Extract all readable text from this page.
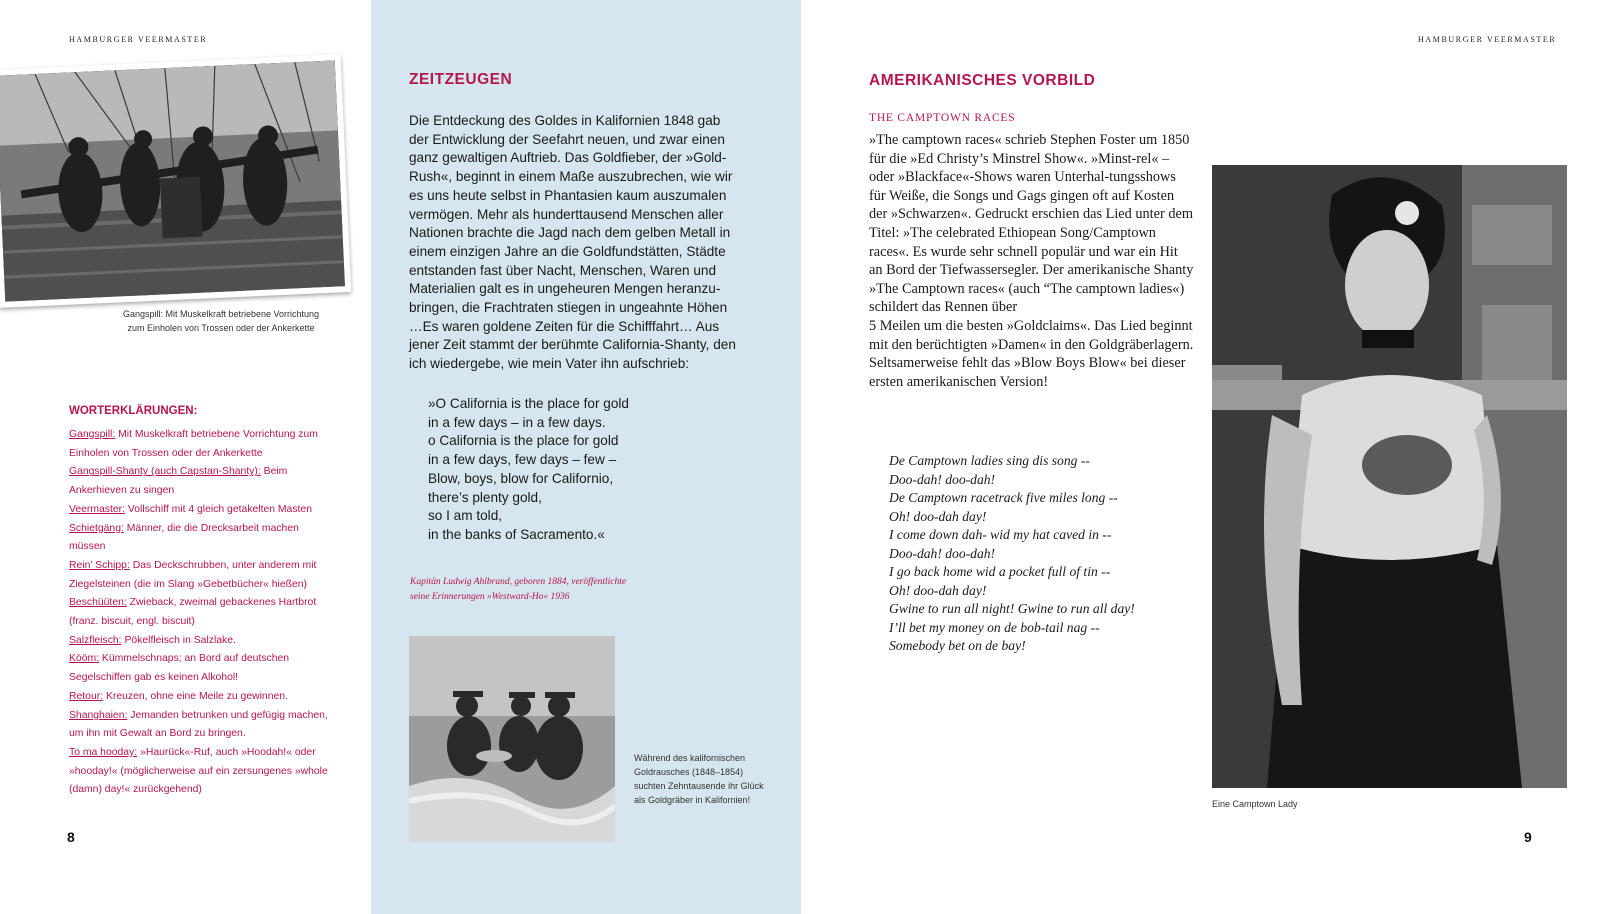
HAMBURGER VEERMASTER
Gangspill: Mit Muskelkraft betriebene Vorrichtung
zum Einholen von Trossen oder der Ankerkette
WORTERKLÄRUNGEN:

Gangspill: Mit Muskelkraft betriebene Vorrichtung zum Einholen von Trossen oder der Ankerkette

Gangspill-Shanty (auch Capstan-Shanty): Beim Ankerhieven zu singen

Veermaster: Vollschiff mit 4 gleich getakelten Masten

Schietgäng: Männer, die die Drecksarbeit machen müssen

Rein’ Schipp: Das Deckschrubben, unter anderem mit Ziegelsteinen (die im Slang »Gebetbücher« hießen)

Beschüüten: Zwieback, zweimal gebackenes Hartbrot (franz. biscuit, engl. biscuit)

Salzfleisch: Pökelfleisch in Salzlake.

Kööm: Kümmelschnaps; an Bord auf deutschen Segelschiffen gab es keinen Alkohol!

Retour: Kreuzen, ohne eine Meile zu gewinnen.

Shanghaien: Jemanden betrunken und gefügig machen, um ihn mit Gewalt an Bord zu bringen.

To ma hooday: »Haurück«-Ruf, auch »Hoodah!« oder »hooday!« (möglicherweise auf ein zersungenes »whole (damn) day!« zurückgehend)

8
ZEITZEUGEN

Die Entdeckung des Goldes in Kalifornien 1848 gab der Entwicklung der Seefahrt neuen, und zwar einen ganz gewaltigen Auftrieb. Das Goldfieber, der »Gold-Rush«, beginnt in einem Maße auszubrechen, wie wir es uns heute selbst in Phantasien kaum auszumalen vermögen. Mehr als hunderttausend Menschen aller Nationen brachte die Jagd nach dem gelben Metall in einem einzigen Jahre an die Goldfundstätten, Städte entstanden fast über Nacht, Menschen, Waren und Materialien galt es in ungeheuren Mengen heranzu-bringen, die Frachtraten stiegen in ungeahnte Höhen …Es waren goldene Zeiten für die Schifffahrt… Aus jener Zeit stammt der berühmte California-Shanty, den ich wiedergebe, wie mein Vater ihn aufschrieb:

»O California is the place for gold
in a few days – in a few days.
o California is the place for gold
in a few days, few days – few –
Blow, boys, blow for Californio,
there’s plenty gold,
so I am told,
in the banks of Sacramento.«
Kapitän Ludwig Ahlbrand, geboren 1884, veröffentlichte
seine Erinnerungen »Westward-Ho« 1936
Während des kalifornischen
Goldrausches (1848–1854)
suchten Zehntausende ihr Glück
als Goldgräber in Kalifornien!
HAMBURGER VEERMASTER
AMERIKANISCHES VORBILD
THE CAMPTOWN RACES

»The camptown races« schrieb Stephen Foster um 1850 für die »Ed Christy’s Minstrel Show«. »Minst-rel« – oder »Blackface«-Shows waren Unterhal-tungsshows für Weiße, die Songs und Gags gingen oft auf Kosten der »Schwarzen«. Gedruckt erschien das Lied unter dem Titel: »The celebrated Ethiopean Song/Camptown races«. Es wurde sehr schnell populär und war ein Hit an Bord der Tiefwassersegler. Der amerikanische Shanty »The Camptown races« (auch “The camptown ladies«) schildert das Rennen über

5 Meilen um die besten »Goldclaims«. Das Lied beginnt mit den berüchtigten »Damen« in den Goldgräberlagern. Seltsamerweise fehlt das »Blow Boys Blow« bei dieser ersten amerikanischen Version!

De Camptown ladies sing dis song --
Doo-dah! doo-dah!
De Camptown racetrack five miles long --
Oh! doo-dah day!
I come down dah- wid my hat caved in --
Doo-dah! doo-dah!
I go back home wid a pocket full of tin --
Oh! doo-dah day!
Gwine to run all night! Gwine to run all day!
I’ll bet my money on de bob-tail nag --
Somebody bet on de bay!
Eine Camptown Lady
9
